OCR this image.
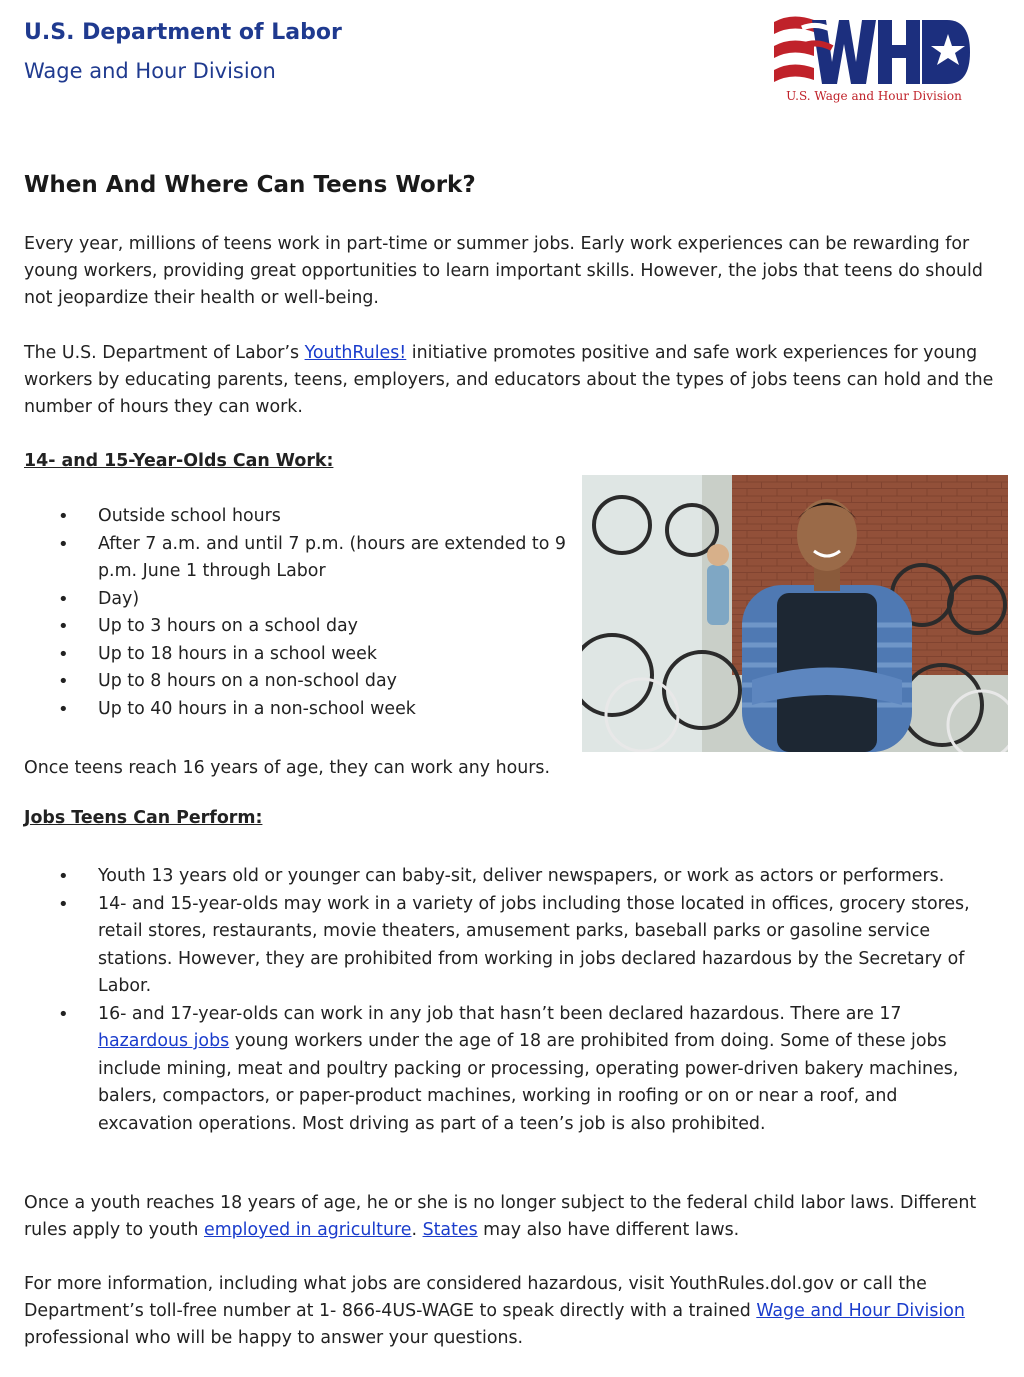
U.S. Department of Labor
Wage and Hour Division
U.S. Wage and Hour Division
When And Where Can Teens Work?

Every year, millions of teens work in part-time or summer jobs. Early work experiences can be rewarding for young workers, providing great opportunities to learn important skills. However, the jobs that teens do should not jeopardize their health or well-being.

The U.S. Department of Labor’s YouthRules! initiative promotes positive and safe work experiences for young workers by educating parents, teens, employers, and educators about the types of jobs teens can hold and the number of hours they can work.

14- and 15-Year-Olds Can Work:

• Outside school hours
• After 7 a.m. and until 7 p.m. (hours are extended to 9 p.m. June 1 through Labor
• Day)
• Up to 3 hours on a school day
• Up to 18 hours in a school week
• Up to 8 hours on a non-school day
• Up to 40 hours in a non-school week

Once teens reach 16 years of age, they can work any hours.

Jobs Teens Can Perform:

• Youth 13 years old or younger can baby-sit, deliver newspapers, or work as actors or performers.
• 14- and 15-year-olds may work in a variety of jobs including those located in offices, grocery stores, retail stores, restaurants, movie theaters, amusement parks, baseball parks or gasoline service stations. However, they are prohibited from working in jobs declared hazardous by the Secretary of Labor.
• 16- and 17-year-olds can work in any job that hasn’t been declared hazardous. There are 17 hazardous jobs young workers under the age of 18 are prohibited from doing. Some of these jobs include mining, meat and poultry packing or processing, operating power-driven bakery machines, balers, compactors, or paper-product machines, working in roofing or on or near a roof, and excavation operations. Most driving as part of a teen’s job is also prohibited.

Once a youth reaches 18 years of age, he or she is no longer subject to the federal child labor laws. Different rules apply to youth employed in agriculture. States may also have different laws.

For more information, including what jobs are considered hazardous, visit YouthRules.dol.gov or call the Department’s toll-free number at 1- 866-4US-WAGE to speak directly with a trained Wage and Hour Division professional who will be happy to answer your questions.
